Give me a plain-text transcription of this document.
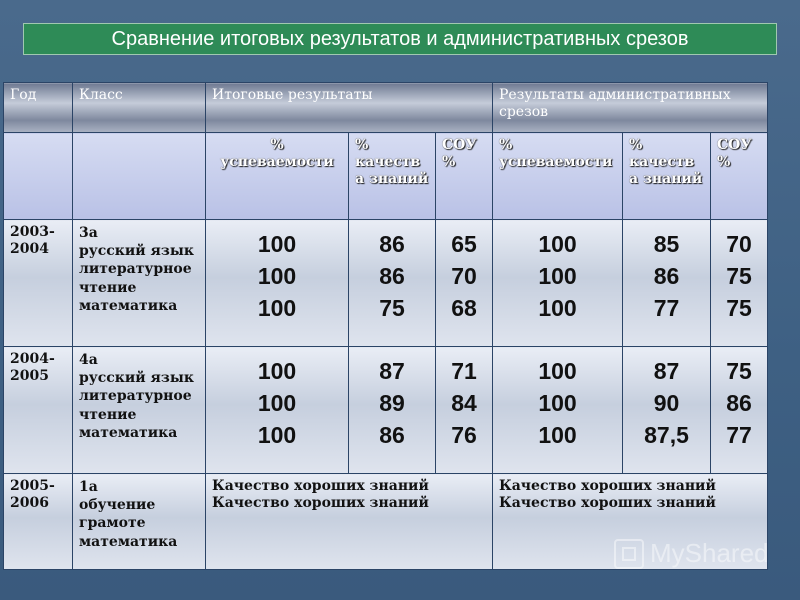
Сравнение итоговых результатов и административных срезов
Год	Класс	Итоговые результаты			Результаты административных срезов		
		% успеваемости	% качеств а знаний	СОУ %	% успеваемости	% качеств а знаний	СОУ %
2003-2004	3а
русский язык
литературное чтение
математика	100
100
100	86
86
75	65
70
68	100
100
100	85
86
77	70
75
75

2004-2005	4а
русский язык
литературное чтение
математика	100
100
100	87
89
86	71
84
76	100
100
100	87
90
87,5	75
86
77

2005-2006	1а
обучение грамоте
математика	Качество хороших знаний
Качество хороших знаний			Качество хороших знаний
Качество хороших знаний		
MyShared
